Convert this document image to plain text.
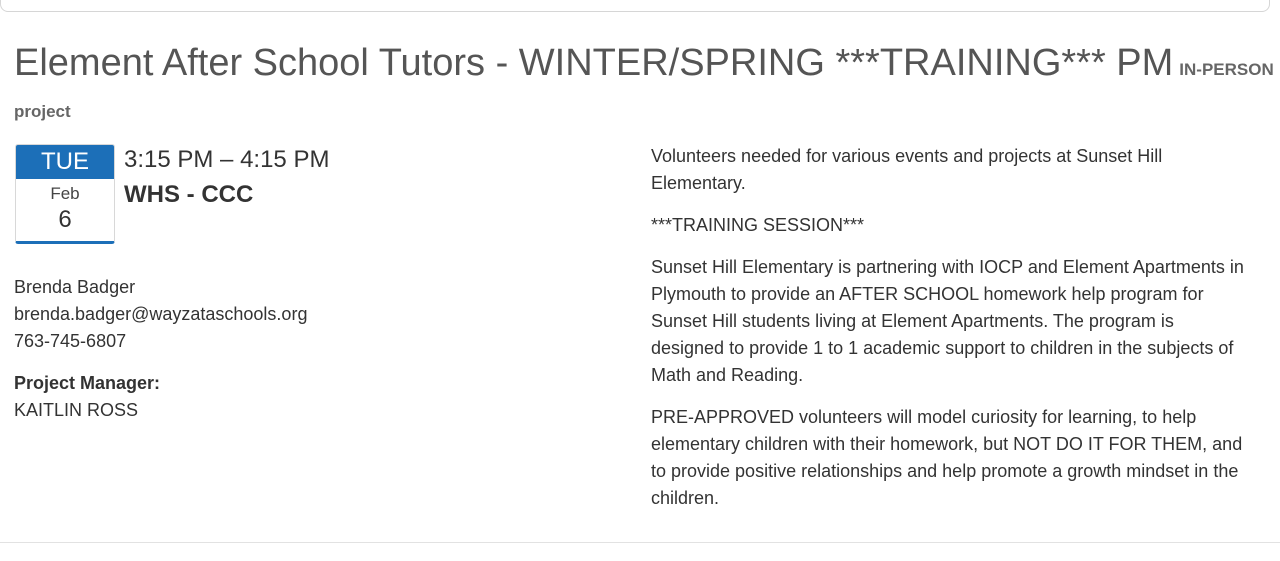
Element After School Tutors - WINTER/SPRING ***TRAINING*** PM IN-PERSON
project
TUE
Feb
6
3:15 PM – 4:15 PM
WHS - CCC
Brenda Badger
brenda.badger@wayzataschools.org
763-745-6807
Project Manager:
KAITLIN ROSS

Volunteers needed for various events and projects at Sunset Hill Elementary.

***TRAINING SESSION***

Sunset Hill Elementary is partnering with IOCP and Element Apartments in Plymouth to provide an AFTER SCHOOL homework help program for Sunset Hill students living at Element Apartments. The program is designed to provide 1 to 1 academic support to children in the subjects of Math and Reading.

PRE-APPROVED volunteers will model curiosity for learning, to help elementary children with their homework, but NOT DO IT FOR THEM, and to provide positive relationships and help promote a growth mindset in the children.
